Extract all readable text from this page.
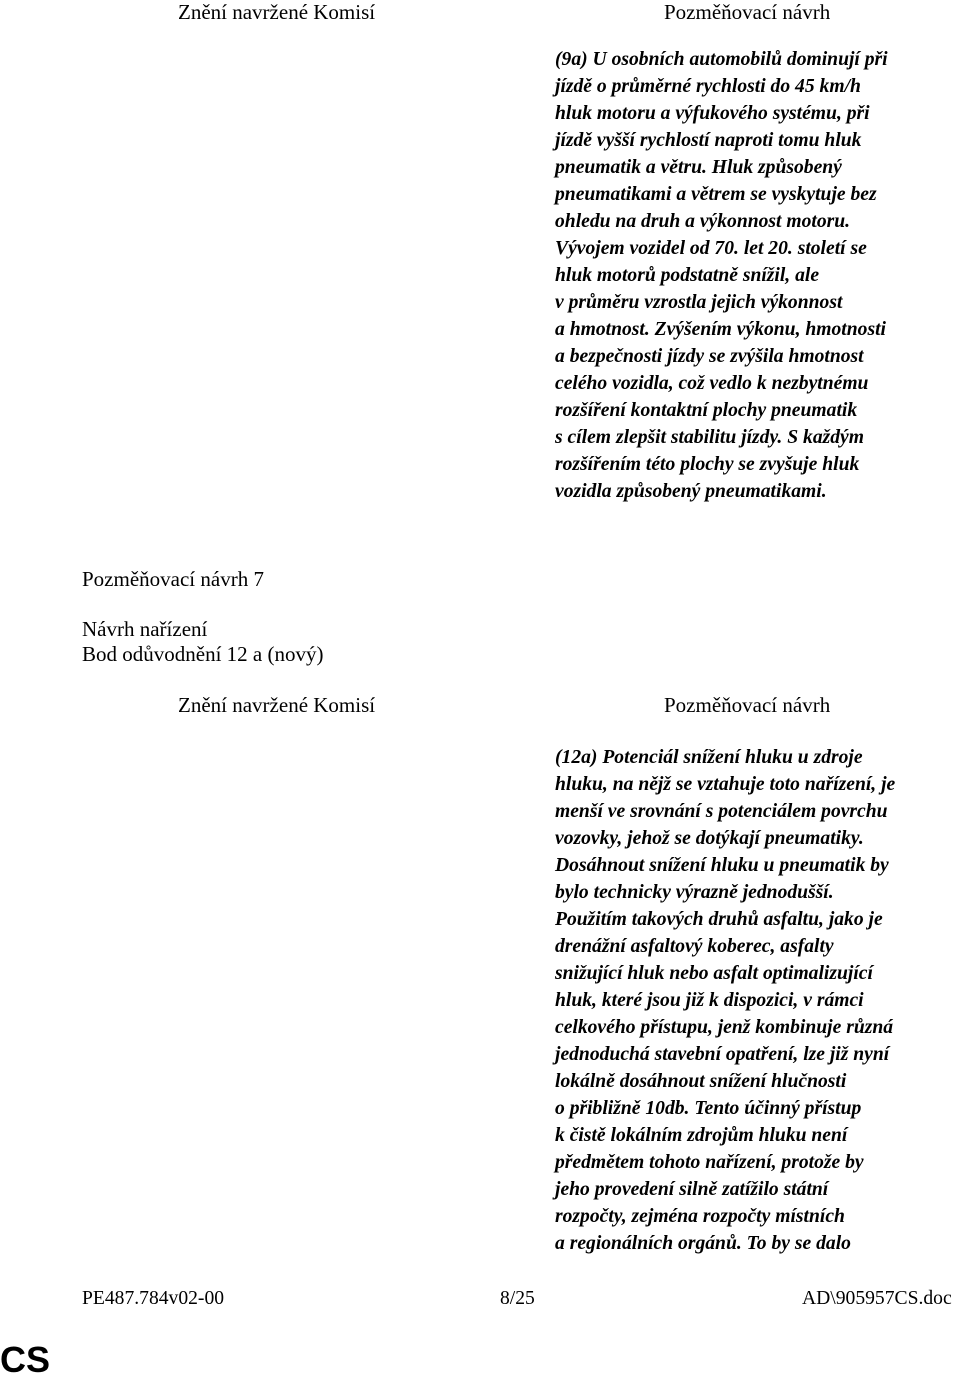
Znění navržené Komisí	Pozměňovací návrh

(9a) U osobních automobilů dominují při
jízdě o průměrné rychlosti do 45 km/h
hluk motoru a výfukového systému, při
jízdě vyšší rychlostí naproti tomu hluk
pneumatik a větru. Hluk způsobený
pneumatikami a větrem se vyskytuje bez
ohledu na druh a výkonnost motoru.
Vývojem vozidel od 70. let 20. století se
hluk motorů podstatně snížil, ale
v průměru vzrostla jejich výkonnost
a hmotnost. Zvýšením výkonu, hmotnosti
a bezpečnosti jízdy se zvýšila hmotnost
celého vozidla, což vedlo k nezbytnému
rozšíření kontaktní plochy pneumatik
s cílem zlepšit stabilitu jízdy. S každým
rozšířením této plochy se zvyšuje hluk
vozidla způsobený pneumatikami.

Pozměňovací návrh 7
Návrh nařízení
Bod odůvodnění 12 a (nový)
Znění navržené Komisí	Pozměňovací návrh

(12a) Potenciál snížení hluku u zdroje
hluku, na nějž se vztahuje toto nařízení, je
menší ve srovnání s potenciálem povrchu
vozovky, jehož se dotýkají pneumatiky.
Dosáhnout snížení hluku u pneumatik by
bylo technicky výrazně jednodušší.
Použitím takových druhů asfaltu, jako je
drenážní asfaltový koberec, asfalty
snižující hluk nebo asfalt optimalizující
hluk, které jsou již k dispozici, v rámci
celkového přístupu, jenž kombinuje různá
jednoduchá stavební opatření, lze již nyní
lokálně dosáhnout snížení hlučnosti
o přibližně 10db. Tento účinný přístup
k čistě lokálním zdrojům hluku není
předmětem tohoto nařízení, protože by
jeho provedení silně zatížilo státní
rozpočty, zejména rozpočty místních
a regionálních orgánů. To by se dalo

PE487.784v02-00	8/25	AD\905957CS.doc
CS
